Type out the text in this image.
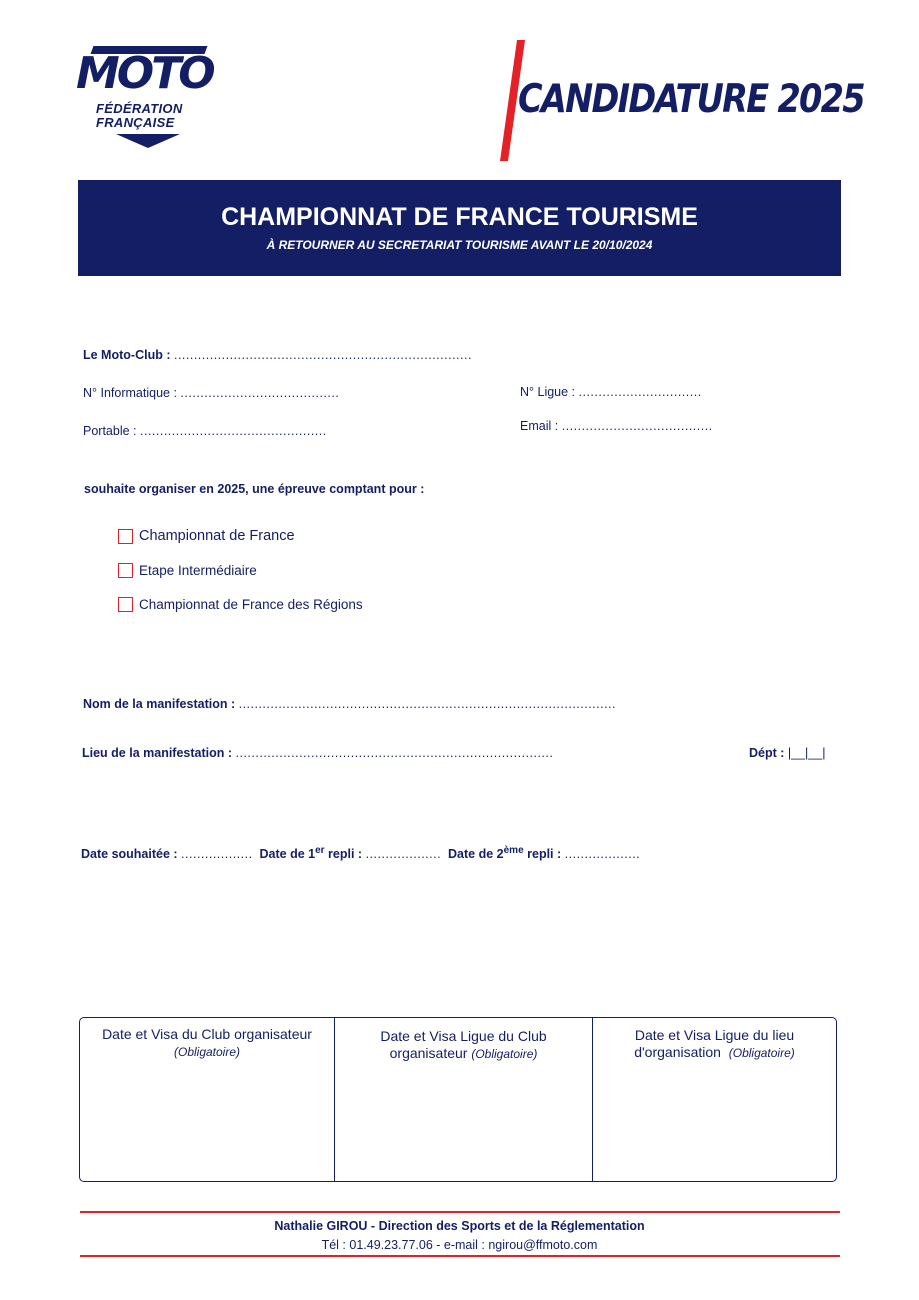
MOTO
FÉDÉRATION
FRANÇAISE
CANDIDATURE 2025
CHAMPIONNAT DE FRANCE TOURISME
À RETOURNER AU SECRETARIAT TOURISME AVANT LE 20/10/2024
Le Moto-Club : ...........................................................................
N° Informatique : ........................................
Portable : ...............................................
N° Ligue : ...............................
Email : ......................................
souhaite organiser en 2025, une épreuve comptant pour :
Championnat de France
Etape Intermédiaire
Championnat de France des Régions
Nom de la manifestation : ...............................................................................................
Lieu de la manifestation : ................................................................................	Dépt : |__|__|
Date souhaitée : .................. Date de 1er repli : ................... Date de 2ème repli : ...................
Date et Visa du Club organisateur
(Obligatoire)
Date et Visa Ligue du Club
organisateur (Obligatoire)
Date et Visa Ligue du lieu
d'organisation (Obligatoire)
Nathalie GIROU - Direction des Sports et de la Réglementation
Tél : 01.49.23.77.06 - e-mail : ngirou@ffmoto.com
